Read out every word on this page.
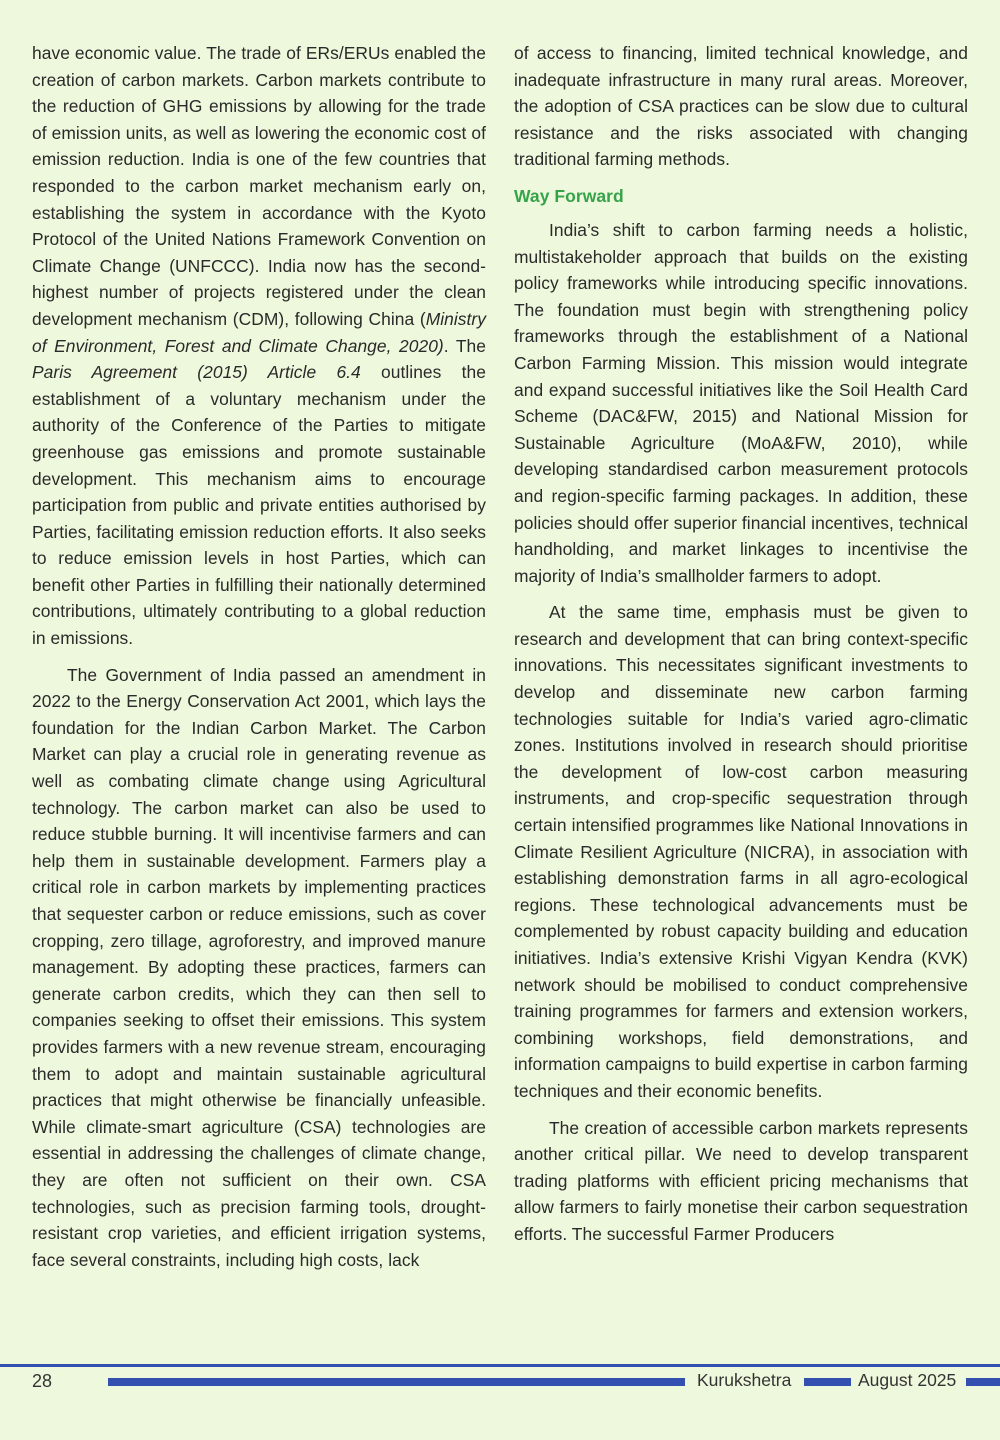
have economic value. The trade of ERs/ERUs enabled the creation of carbon markets. Carbon markets contribute to the reduction of GHG emissions by allowing for the trade of emission units, as well as lowering the economic cost of emission reduction. India is one of the few countries that responded to the carbon market mechanism early on, establishing the system in accordance with the Kyoto Protocol of the United Nations Framework Convention on Climate Change (UNFCCC). India now has the second-highest number of projects registered under the clean development mechanism (CDM), following China (Ministry of Environment, Forest and Climate Change, 2020). The Paris Agreement (2015) Article 6.4 outlines the establishment of a voluntary mechanism under the authority of the Conference of the Parties to mitigate greenhouse gas emissions and promote sustainable development. This mechanism aims to encourage participation from public and private entities authorised by Parties, facilitating emission reduction efforts. It also seeks to reduce emission levels in host Parties, which can benefit other Parties in fulfilling their nationally determined contributions, ultimately contributing to a global reduction in emissions.

The Government of India passed an amendment in 2022 to the Energy Conservation Act 2001, which lays the foundation for the Indian Carbon Market. The Carbon Market can play a crucial role in generating revenue as well as combating climate change using Agricultural technology. The carbon market can also be used to reduce stubble burning. It will incentivise farmers and can help them in sustainable development. Farmers play a critical role in carbon markets by implementing practices that sequester carbon or reduce emissions, such as cover cropping, zero tillage, agroforestry, and improved manure management. By adopting these practices, farmers can generate carbon credits, which they can then sell to companies seeking to offset their emissions. This system provides farmers with a new revenue stream, encouraging them to adopt and maintain sustainable agricultural practices that might otherwise be financially unfeasible. While climate-smart agriculture (CSA) technologies are essential in addressing the challenges of climate change, they are often not sufficient on their own. CSA technologies, such as precision farming tools, drought-resistant crop varieties, and efficient irrigation systems, face several constraints, including high costs, lack

of access to financing, limited technical knowledge, and inadequate infrastructure in many rural areas. Moreover, the adoption of CSA practices can be slow due to cultural resistance and the risks associated with changing traditional farming methods.

Way Forward

India’s shift to carbon farming needs a holistic, multistakeholder approach that builds on the existing policy frameworks while introducing specific innovations. The foundation must begin with strengthening policy frameworks through the establishment of a National Carbon Farming Mission. This mission would integrate and expand successful initiatives like the Soil Health Card Scheme (DAC&FW, 2015) and National Mission for Sustainable Agriculture (MoA&FW, 2010), while developing standardised carbon measurement protocols and region-specific farming packages. In addition, these policies should offer superior financial incentives, technical handholding, and market linkages to incentivise the majority of India’s smallholder farmers to adopt.

At the same time, emphasis must be given to research and development that can bring context-specific innovations. This necessitates significant investments to develop and disseminate new carbon farming technologies suitable for India’s varied agro-climatic zones. Institutions involved in research should prioritise the development of low-cost carbon measuring instruments, and crop-specific sequestration through certain intensified programmes like National Innovations in Climate Resilient Agriculture (NICRA), in association with establishing demonstration farms in all agro-ecological regions. These technological advancements must be complemented by robust capacity building and education initiatives. India’s extensive Krishi Vigyan Kendra (KVK) network should be mobilised to conduct comprehensive training programmes for farmers and extension workers, combining workshops, field demonstrations, and information campaigns to build expertise in carbon farming techniques and their economic benefits.

The creation of accessible carbon markets represents another critical pillar. We need to develop transparent trading platforms with efficient pricing mechanisms that allow farmers to fairly monetise their carbon sequestration efforts. The successful Farmer Producers

28	Kurukshetra	August 2025
